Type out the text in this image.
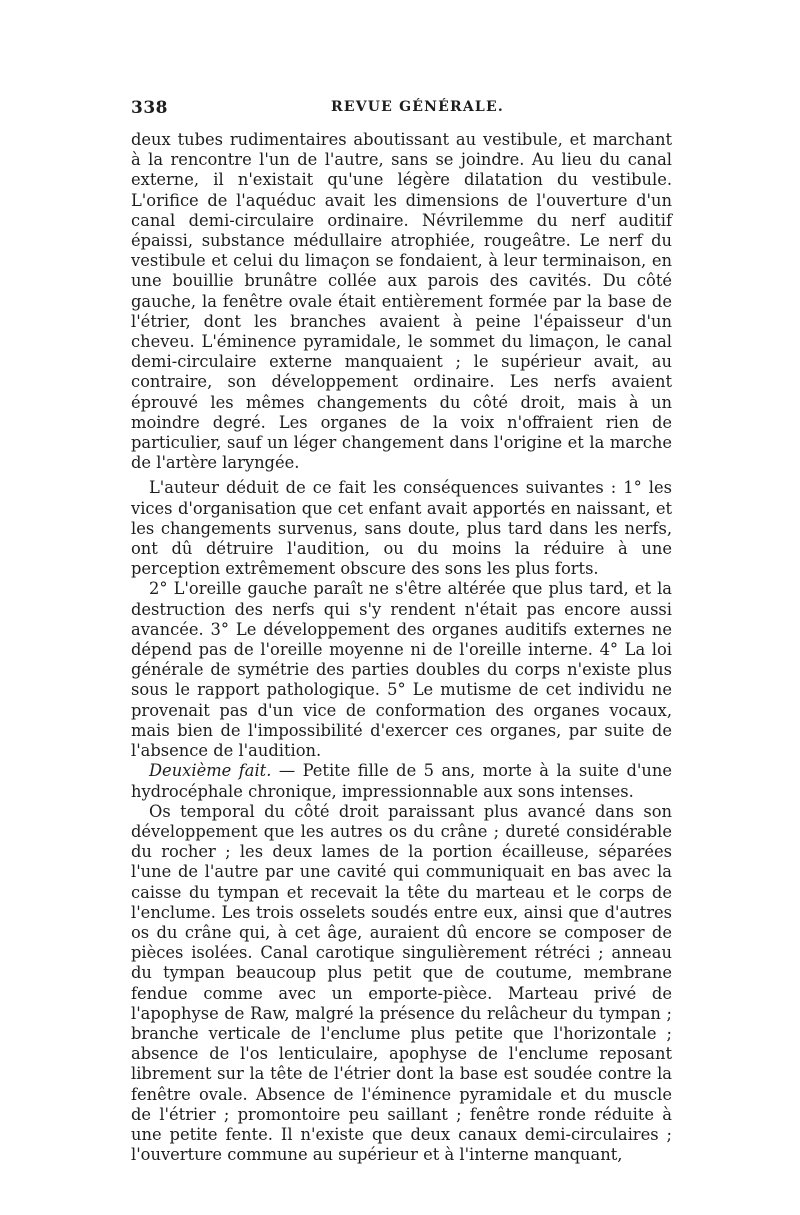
338	REVUE GÉNÉRALE.

deux tubes rudimentaires aboutissant au vestibule, et marchant à la rencontre l'un de l'autre, sans se joindre. Au lieu du canal externe, il n'existait qu'une légère dilatation du vestibule. L'orifice de l'aquéduc avait les dimensions de l'ouverture d'un canal demi-circulaire ordinaire. Névrilemme du nerf auditif épaissi, substance médullaire atrophiée, rougeâtre. Le nerf du vestibule et celui du limaçon se fondaient, à leur terminaison, en une bouillie brunâtre collée aux parois des cavités. Du côté gauche, la fenêtre ovale était entièrement formée par la base de l'étrier, dont les branches avaient à peine l'épaisseur d'un cheveu. L'éminence pyramidale, le sommet du limaçon, le canal demi-circulaire externe manquaient ; le supérieur avait, au contraire, son développement ordinaire. Les nerfs avaient éprouvé les mêmes changements du côté droit, mais à un moindre degré. Les organes de la voix n'offraient rien de particulier, sauf un léger changement dans l'origine et la marche de l'artère laryngée.

L'auteur déduit de ce fait les conséquences suivantes : 1° les vices d'organisation que cet enfant avait apportés en naissant, et les changements survenus, sans doute, plus tard dans les nerfs, ont dû détruire l'audition, ou du moins la réduire à une perception extrêmement obscure des sons les plus forts.

2° L'oreille gauche paraît ne s'être altérée que plus tard, et la destruction des nerfs qui s'y rendent n'était pas encore aussi avancée. 3° Le développement des organes auditifs externes ne dépend pas de l'oreille moyenne ni de l'oreille interne. 4° La loi générale de symétrie des parties doubles du corps n'existe plus sous le rapport pathologique. 5° Le mutisme de cet individu ne provenait pas d'un vice de conformation des organes vocaux, mais bien de l'impossibilité d'exercer ces organes, par suite de l'absence de l'audition.

Deuxième fait. — Petite fille de 5 ans, morte à la suite d'une hydrocéphale chronique, impressionnable aux sons intenses.

Os temporal du côté droit paraissant plus avancé dans son développement que les autres os du crâne ; dureté considérable du rocher ; les deux lames de la portion écailleuse, séparées l'une de l'autre par une cavité qui communiquait en bas avec la caisse du tympan et recevait la tête du marteau et le corps de l'enclume. Les trois osselets soudés entre eux, ainsi que d'autres os du crâne qui, à cet âge, auraient dû encore se composer de pièces isolées. Canal carotique singulièrement rétréci ; anneau du tympan beaucoup plus petit que de coutume, membrane fendue comme avec un emporte-pièce. Marteau privé de l'apophyse de Raw, malgré la présence du relâcheur du tympan ; branche verticale de l'enclume plus petite que l'horizontale ; absence de l'os lenticulaire, apophyse de l'enclume reposant librement sur la tête de l'étrier dont la base est soudée contre la fenêtre ovale. Absence de l'éminence pyramidale et du muscle de l'étrier ; promontoire peu saillant ; fenêtre ronde réduite à une petite fente. Il n'existe que deux canaux demi-circulaires ; l'ouverture commune au supérieur et à l'interne manquant,
